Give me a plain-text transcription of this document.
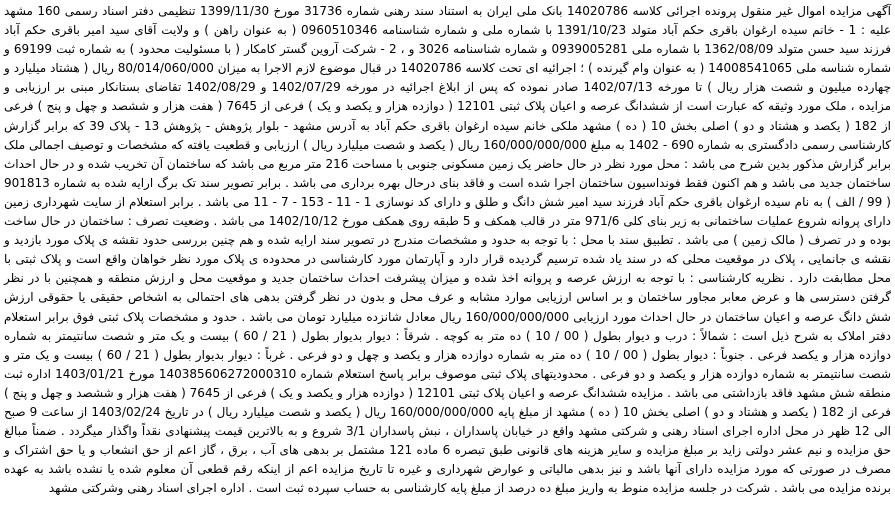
آگهی مزایده اموال غیر منقول پرونده اجرائی کلاسه 14020786 بانک ملی ایران به استناد سند رهنی شماره 31736 مورخ 1399/11/30 تنظیمی دفتر اسناد رسمی 160 مشهد علیه : 1 - خانم سیده ارغوان باقری حکم آباد متولد 1391/10/23 با شماره ملی و شماره شناسنامه 0960510346 ( به عنوان راهن ) و ولایت آقای سید امیر باقری حکم آباد فرزند سید حسن متولد 1362/08/09 با شماره ملی 0939005281 و شماره شناسنامه 3026 و ، 2 - شرکت آروین گستر کامکار ( با مسئولیت محدود ) به شماره ثبت 69199 و شماره شناسه ملی 14008541065 ( به عنوان وام گیرنده ) ؛ اجرائیه ای تحت کلاسه 14020786 در قبال موضوع لازم الاجرا به میزان 80/014/060/000 ریال ( هشتاد میلیارد و چهارده میلیون و شصت هزار ریال ) تا مورخه 1402/07/13 صادر نموده که پس از ابلاغ اجرائیه در مورخه 1402/07/29 و 1402/08/29 تقاضای بستانکار مبنی بر ارزیابی و مزایده ، ملک مورد وثیقه که عبارت است از ششدانگ عرصه و اعیان پلاک ثبتی 12101 ( دوازده هزار و یکصد و یک ) فرعی از 7645 ( هفت هزار و ششصد و چهل و پنج ) فرعی از 182 ( یکصد و هشتاد و دو ) اصلی بخش 10 ( ده ) مشهد ملکی خانم سیده ارغوان باقری حکم آباد به آدرس مشهد - بلوار پژوهش - پژوهش 13 - پلاک 39 که برابر گزارش کارشناسی رسمی دادگستری به شماره 690 - 1402 به مبلغ 160/000/000/000 ریال ( یکصد و شصت میلیارد ریال ) ارزیابی و قطعیت یافته که مشخصات و توصیف اجمالی ملک برابر گزارش مذکور بدین شرح می باشد : محل مورد نظر در حال حاضر یک زمین مسکونی جنوبی با مساحت 216 متر مربع می باشد که ساختمان آن تخریب شده و در حال احداث ساختمان جدید می باشد و هم اکنون فقط فونداسیون ساختمان اجرا شده است و فاقد بنای درحال بهره برداری می باشد . برابر تصویر سند تک برگ ارایه شده به شماره 901813 ( 99 / الف ) به نام سیده ارغوان باقری حکم آباد فرزند سید امیر شش دانگ و طلق و دارای کد نوسازی 1 - 11 - 153 - 7 - 11 می باشد . برابر استعلام از سایت شهرداری زمین دارای پروانه شروع عملیات ساختمانی به زیر بنای کلی 971/6 متر در قالب همکف و 5 طبقه روی همکف مورخ 1402/10/12 می باشد . وضعیت تصرف : ساختمان در حال ساخت بوده و در تصرف ( مالک زمین ) می باشد . تطبیق سند با محل : با توجه به حدود و مشخصات مندرج در تصویر سند ارایه شده و هم چنین بررسی حدود نقشه ی پلاک مورد بازدید و نقشه ی جانمایی ، پلاک در موقعیت محلی که در سند یاد شده ترسیم گردیده قرار دارد و آپارتمان مورد کارشناسی در محدوده ی پلاک مورد نظر خواهان واقع است و پلاک ثبتی با محل مطابقت دارد . نظریه کارشناسی : با توجه به ارزش عرصه و پروانه اخذ شده و میزان پیشرفت احداث ساختمان جدید و موقعیت محل و ارزش منطقه و همچنین با در نظر گرفتن دسترسی ها و عرض معابر مجاور ساختمان و بر اساس ارزیابی موارد مشابه و عرف محل و بدون در نظر گرفتن بدهی های احتمالی به اشخاص حقیقی یا حقوقی ارزش شش دانگ عرصه و اعیان ساختمان در حال احداث مورد ارزیابی 160/000/000/000 ریال معادل شانزده میلیارد تومان می باشد . حدود و مشخصات پلاک ثبتی فوق برابر استعلام دفتر املاک به شرح ذیل است : شمالاً : درب و دیوار بطول ( 00 / 10 ) ده متر به کوچه . شرقاً : دیوار بدیوار بطول ( 21 / 60 ) بیست و یک متر و شصت سانتیمتر به شماره دوازده هزار و یکصد فرعی . جنوباً : دیوار بطول ( 00 / 10 ) ده متر به شماره دوازده هزار و یکصد و چهل و دو فرعی . غرباً : دیوار بدیوار بطول ( 21 / 60 ) بیست و یک متر و شصت سانتیمتر به شماره دوازده هزار و یکصد و دو فرعی . محدودیتهای پلاک ثبتی موصوف برابر پاسخ استعلام شماره 140385606272000310 مورخ 1403/01/21 اداره ثبت منطقه شش مشهد فاقد بازداشتی می باشد . مزایده ششدانگ عرصه و اعیان پلاک ثبتی 12101 ( دوازده هزار و یکصد و یک ) فرعی از 7645 ( هفت هزار و ششصد و چهل و پنج ) فرعی از 182 ( یکصد و هشتاد و دو ) اصلی بخش 10 ( ده ) مشهد از مبلغ پایه 160/000/000/000 ریال ( یکصد و شصت میلیارد ریال ) در تاریخ 1403/02/24 از ساعت 9 صبح الی 12 ظهر در محل اداره اجرای اسناد رهنی و شرکتی مشهد واقع در خیابان پاسداران ، نبش پاسداران 3/1 شروع و به بالاترین قیمت پیشنهادی نقداً واگذار میگردد . ضمناً مبالغ حق مزایده و نیم عشر دولتی زاید بر مبلغ مزایده و سایر هزینه های قانونی طبق تبصره 6 ماده 121 مشتمل بر بدهی های آب ، برق ، گاز اعم از حق انشعاب و یا حق اشتراک و مصرف در صورتی که مورد مزایده دارای آنها باشد و نیز بدهی مالیاتی و عوارض شهرداری و غیره تا تاریخ مزایده اعم از اینکه رقم قطعی آن معلوم شده یا نشده باشد به عهده برنده مزایده می باشد . شرکت در جلسه مزایده منوط به واریز مبلغ ده درصد از مبلغ پایه کارشناسی به حساب سپرده ثبت است . اداره اجرای اسناد رهنی وشرکتی مشهد
